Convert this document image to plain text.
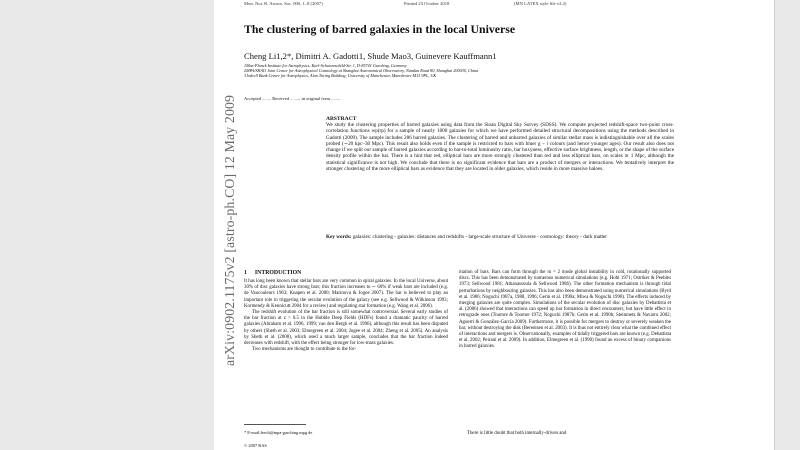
Mon. Not. R. Astron. Soc. 000, 1–8 (2007)	Printed 23 October 2018	(MN LATEX style file v2.2)
The clustering of barred galaxies in the local Universe
Cheng Li1,2*, Dimitri A. Gadotti1, Shude Mao3, Guinevere Kauffmann1
1Max-Planck Institute for Astrophysics, Karl-Schwarzschild-Str. 1, D-85741 Garching, Germany
2MPA/SHAO Joint Center for Astrophysical Cosmology at Shanghai Astronomical Observatory, Nandan Road 80, Shanghai 200030, China
3Jodrell Bank Centre for Astrophysics, Alan Turing Building, University of Manchester, Manchester M13 9PL, UK
Accepted ........ Received ........; in original form ........
ABSTRACT
We study the clustering properties of barred galaxies using data from the Sloan Digital Sky Survey (SDSS). We compute projected redshift-space two-point cross-correlation functions wp(rp) for a sample of nearly 1000 galaxies for which we have performed detailed structural decompositions using the methods described in Gadotti (2009). The sample includes 286 barred galaxies. The clustering of barred and unbarred galaxies of similar stellar mass is indistinguishable over all the scales probed (∼20 kpc–30 Mpc). This result also holds even if the sample is restricted to bars with bluer g − i colours (and hence younger ages). Our result also does not change if we split our sample of barred galaxies according to bar-to-total luminosity ratio, bar boxyness, effective surface brightness, length, or the shape of the surface density profile within the bar. There is a hint that red, elliptical bars are more strongly clustered than red and less elliptical bars, on scales ≳ 1 Mpc, although the statistical significance is not high. We conclude that there is no significant evidence that bars are a product of mergers or interactions. We tentatively interpret the stronger clustering of the more elliptical bars as evidence that they are located in older galaxies, which reside in more massive haloes.
Key words: galaxies: clustering - galaxies: distances and redshifts - large-scale structure of Universe - cosmology: theory - dark matter
1 INTRODUCTION

It has long been known that stellar bars are very common in spiral galaxies. In the local Universe, about 30% of disc galaxies have strong bars; this fraction increases to ∼ 60% if weak bars are included (e.g. de Vaucouleurs 1963; Knapen et al. 2000; Marinova & Jogee 2007). The bar is believed to play an important role in triggering the secular evolution of the galaxy (see e.g. Sellwood & Wilkinson 1993; Kormendy & Kennicutt 2004 for a review) and regulating star formation (e.g. Wang et al. 2006).

The redshift evolution of the bar fraction is still somewhat controversial. Several early studies of the bar fraction at z > 0.5 in the Hubble Deep Fields (HDFs) found a dramatic paucity of barred galaxies (Abraham et al. 1996, 1999; van den Bergh et al. 1996), although this result has been disputed by others (Sheth et al. 2003; Elmegreen et al. 2004; Jogee et al. 2004; Zheng et al. 2005). An analysis by Sheth et al. (2008), which used a much larger sample, concludes that the bar fraction indeed decreases with redshift, with the effect being stronger for low-mass galaxies.

Two mechanisms are thought to contribute to the for-

mation of bars. Bars can form through the m = 2 mode global instability in cold, rotationally supported discs. This has been demonstrated by numerous numerical simulations (e.g. Hohl 1971; Ostriker & Peebles 1973; Sellwood 1981; Athanassoula & Sellwood 1986). The other formation mechanism is through tidal perturbations by neighbouring galaxies. This has also been demonstrated using numerical simulations (Byrd et al. 1986; Noguchi 1987a, 1988, 1996; Gerin et al. 1990a; Miwa & Noguchi 1998). The effects induced by merging galaxies are quite complex. Simulations of the secular evolution of disc galaxies by Debattista et al. (2006) showed that interactions can speed up bar formation in direct encounters, but have little effect in retrograde ones (Toomre & Toomre 1972; Noguchi 1987b; Gerin et al. 1990b; Steinmetz & Navarro 2002; Aguerri & González-García 2009). Furthermore, it is possible for mergers to destroy or severely weaken the bar, without destroying the disk (Berentsen et al. 2003). It is thus not entirely clear what the combined effect of interactions and mergers is. Observationally, examples of tidally triggered bars are known (e.g. Debattista et al. 2002; Peirani et al. 2009). In addition, Elmegreen et al. (1990) found an excess of binary companions in barred galaxies.

There is little doubt that both internally-driven and
* E-mail:leech@mpa-garching.mpg.de
© 2007 RAS
arXiv:0902.1175v2 [astro-ph.CO] 12 May 2009
